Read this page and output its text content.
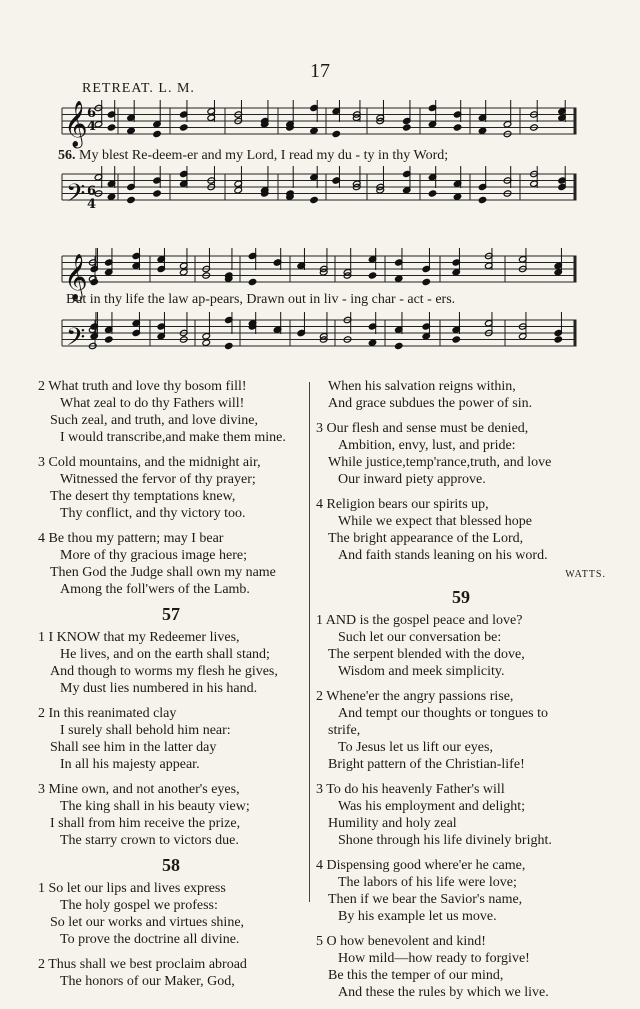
17
RETREAT. L. M.
6
4
6
4
𝄞
𝄞
𝄢
𝄢
56. My blest Re-deem-er and my Lord, I read my du - ty in thy Word;
But in thy life the law ap-pears, Drawn out in liv - ing char - act - ers.
2 What truth and love thy bosom fill!
What zeal to do thy Fathers will!
Such zeal, and truth, and love divine,
I would transcribe,and make them mine.
3 Cold mountains, and the midnight air,
Witnessed the fervor of thy prayer;
The desert thy temptations knew,
Thy conflict, and thy victory too.
4 Be thou my pattern; may I bear
More of thy gracious image here;
Then God the Judge shall own my name
Among the foll'wers of the Lamb.
57
1 I KNOW that my Redeemer lives,
He lives, and on the earth shall stand;
And though to worms my flesh he gives,
My dust lies numbered in his hand.
2 In this reanimated clay
I surely shall behold him near:
Shall see him in the latter day
In all his majesty appear.
3 Mine own, and not another's eyes,
The king shall in his beauty view;
I shall from him receive the prize,
The starry crown to victors due.
58
1 So let our lips and lives express
The holy gospel we profess:
So let our works and virtues shine,
To prove the doctrine all divine.
2 Thus shall we best proclaim abroad
The honors of our Maker, God,
When his salvation reigns within,
And grace subdues the power of sin.
3 Our flesh and sense must be denied,
Ambition, envy, lust, and pride:
While justice,temp'rance,truth, and love
Our inward piety approve.
4 Religion bears our spirits up,
While we expect that blessed hope
The bright appearance of the Lord,
And faith stands leaning on his word.
WATTS.
59
1 AND is the gospel peace and love?
Such let our conversation be:
The serpent blended with the dove,
Wisdom and meek simplicity.
2 Whene'er the angry passions rise,
And tempt our thoughts or tongues to
strife,
To Jesus let us lift our eyes,
Bright pattern of the Christian-life!
3 To do his heavenly Father's will
Was his employment and delight;
Humility and holy zeal
Shone through his life divinely bright.
4 Dispensing good where'er he came,
The labors of his life were love;
Then if we bear the Savior's name,
By his example let us move.
5 O how benevolent and kind!
How mild—how ready to forgive!
Be this the temper of our mind,
And these the rules by which we live.
